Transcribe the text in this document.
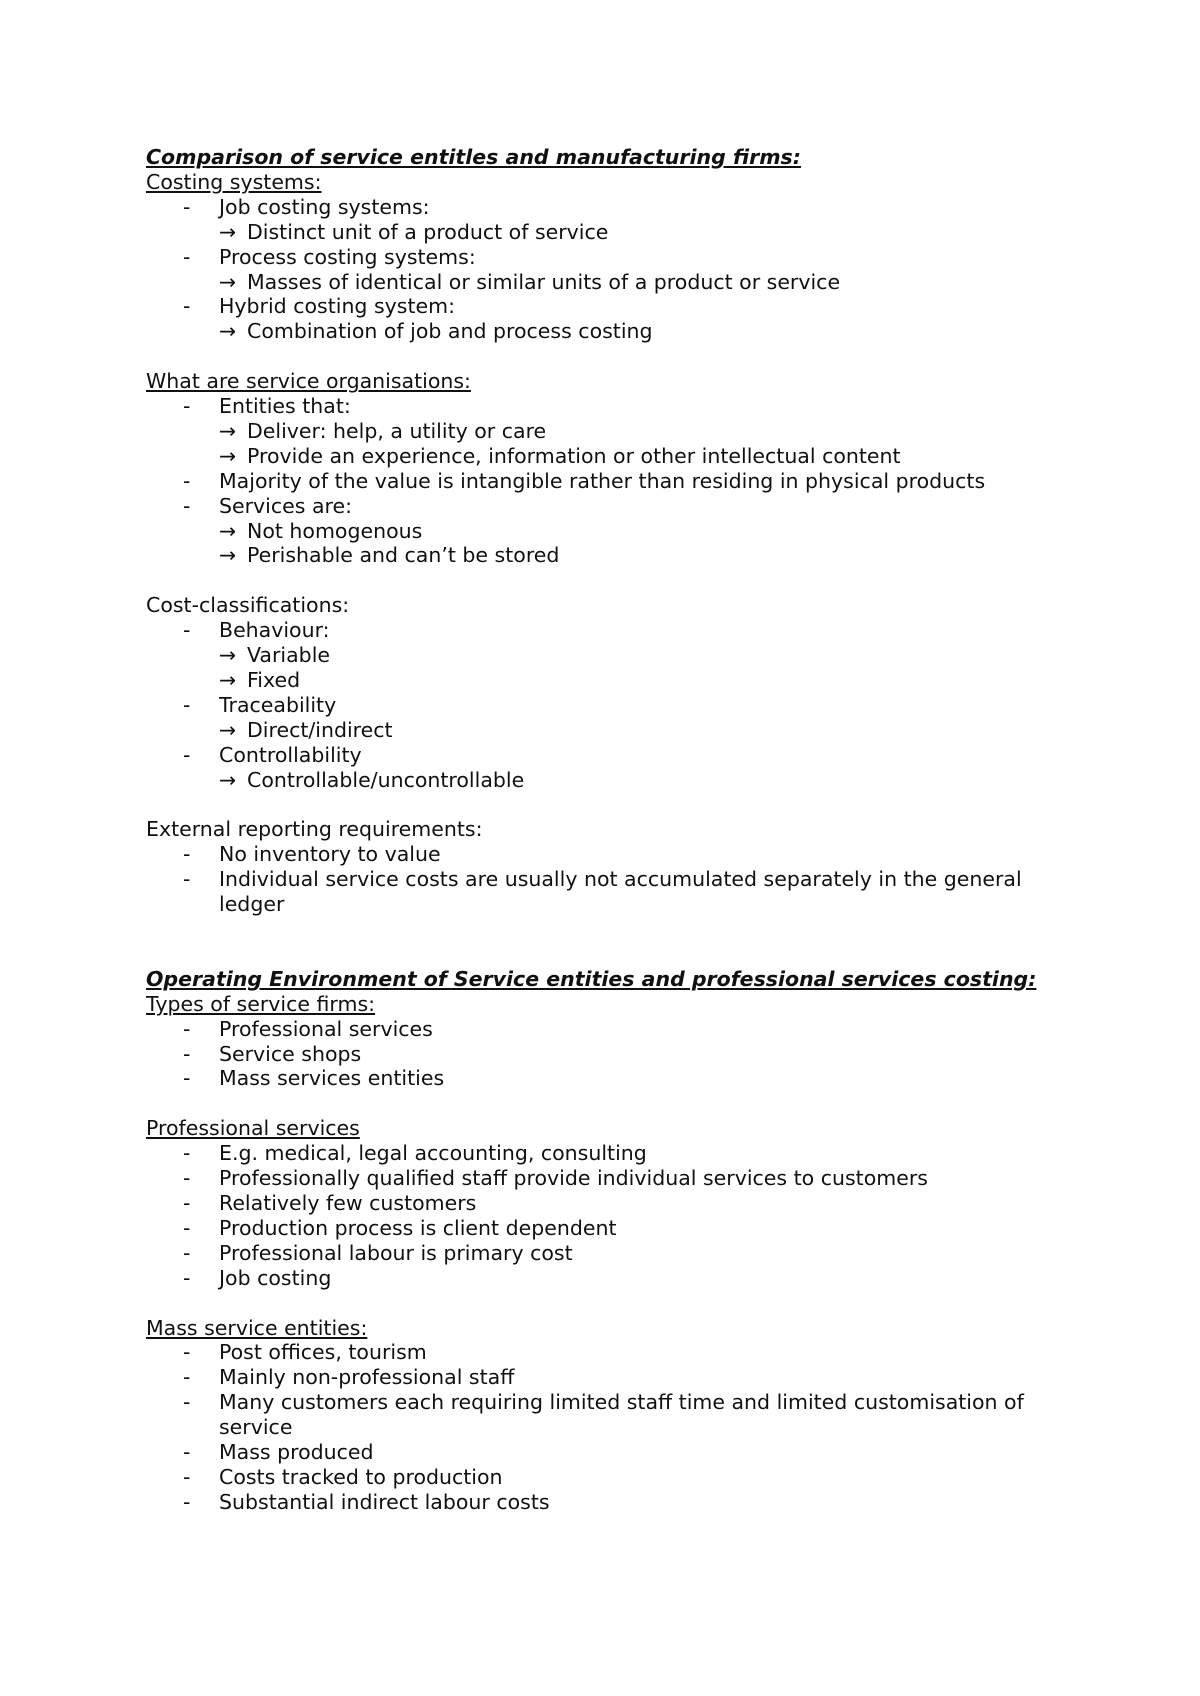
Comparison of service entitles and manufacturing firms:
Costing systems:
- Job costing systems:
→ Distinct unit of a product of service
- Process costing systems:
→ Masses of identical or similar units of a product or service
- Hybrid costing system:
→ Combination of job and process costing
What are service organisations:
- Entities that:
→ Deliver: help, a utility or care
→ Provide an experience, information or other intellectual content
- Majority of the value is intangible rather than residing in physical products
- Services are:
→ Not homogenous
→ Perishable and can’t be stored
Cost-classifications:
- Behaviour:
→ Variable
→ Fixed
- Traceability
→ Direct/indirect
- Controllability
→ Controllable/uncontrollable
External reporting requirements:
- No inventory to value
- Individual service costs are usually not accumulated separately in the general ledger
Operating Environment of Service entities and professional services costing:
Types of service firms:
- Professional services
- Service shops
- Mass services entities
Professional services
- E.g. medical, legal accounting, consulting
- Professionally qualified staff provide individual services to customers
- Relatively few customers
- Production process is client dependent
- Professional labour is primary cost
- Job costing
Mass service entities:
- Post offices, tourism
- Mainly non-professional staff
- Many customers each requiring limited staff time and limited customisation of service
- Mass produced
- Costs tracked to production
- Substantial indirect labour costs
